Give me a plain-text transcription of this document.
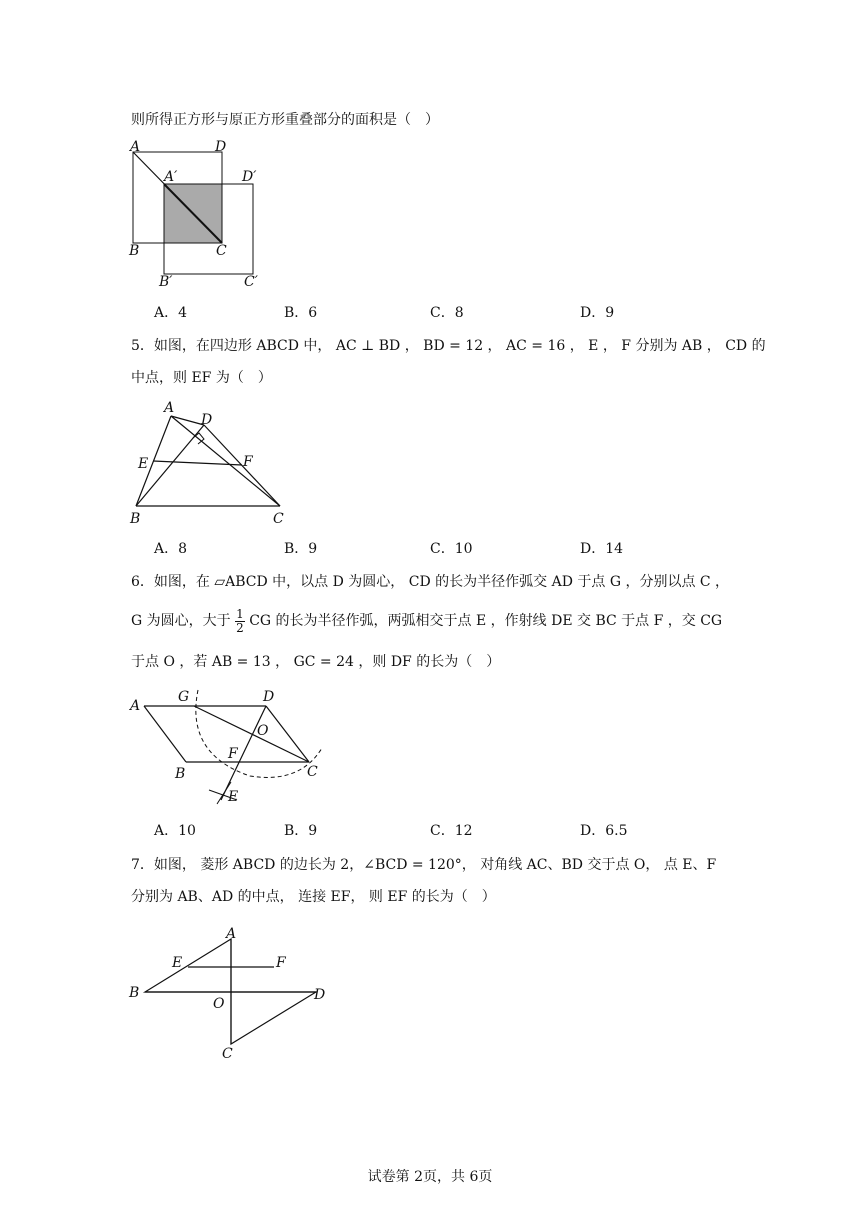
则所得正方形与原正方形重叠部分的面积是（　）
A	D
A′	D′
B	C
B′	C′
A．4	B．6	C．8	D．9
5．如图，在四边形 ABCD 中， AC ⊥ BD ， BD = 12 ， AC = 16 ， E ， F 分别为 AB ， CD 的
中点，则 EF 为（　）
A
D
E	F
B	C
A．8	B．9	C．10	D．14
6．如图，在 ▱ABCD 中，以点 D 为圆心， CD 的长为半径作弧交 AD 于点 G ，分别以点 C ，
G 为圆心，大于 $\frac{1}{2}$ CG 的长为半径作弧，两弧相交于点 E ，作射线 DE 交 BC 于点 F ，交 CG
于点 O ，若 AB = 13 ， GC = 24 ，则 DF 的长为（　）
A
G	D
O
F
B	C
E
A．10	B．9	C．12	D．6.5
7．如图， 菱形 ABCD 的边长为 2，∠BCD = 120°， 对角线 AC、BD 交于点 O， 点 E、F
分别为 AB、AD 的中点， 连接 EF， 则 EF 的长为（　）
A
E	F
B
O
D
C
试卷第 2页，共 6页
